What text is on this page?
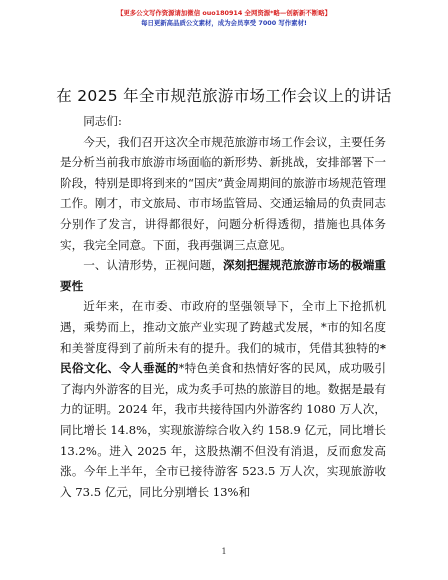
【更多公文写作资源请加微信 ouo180914 全网资源*略—创新新不断略】
每日更新高品质公文素材，成为会员享受 7000 写作素材!
在 2025 年全市规范旅游市场工作会议上的讲话

同志们:

今天，我们召开这次全市规范旅游市场工作会议，主要任务是分析当前我市旅游市场面临的新形势、新挑战，安排部署下一阶段，特别是即将到来的“国庆”黄金周期间的旅游市场规范管理工作。刚才，市文旅局、市市场监管局、交通运输局的负责同志分别作了发言，讲得都很好，问题分析得透彻，措施也具体务实，我完全同意。下面，我再强调三点意见。

一、认清形势，正视问题，深刻把握规范旅游市场的极端重要性

近年来，在市委、市政府的坚强领导下，全市上下抢抓机遇，乘势而上，推动文旅产业实现了跨越式发展，*市的知名度和美誉度得到了前所未有的提升。我们的城市，凭借其独特的*民俗文化、令人垂涎的*特色美食和热情好客的民风，成功吸引了海内外游客的目光，成为炙手可热的旅游目的地。数据是最有力的证明。2024 年，我市共接待国内外游客约 1080 万人次，同比增长 14.8%，实现旅游综合收入约 158.9 亿元，同比增长 13.2%。进入 2025 年，这股热潮不但没有消退，反而愈发高涨。今年上半年，全市已接待游客 523.5 万人次，实现旅游收入 73.5 亿元，同比分别增长 13%和

1
